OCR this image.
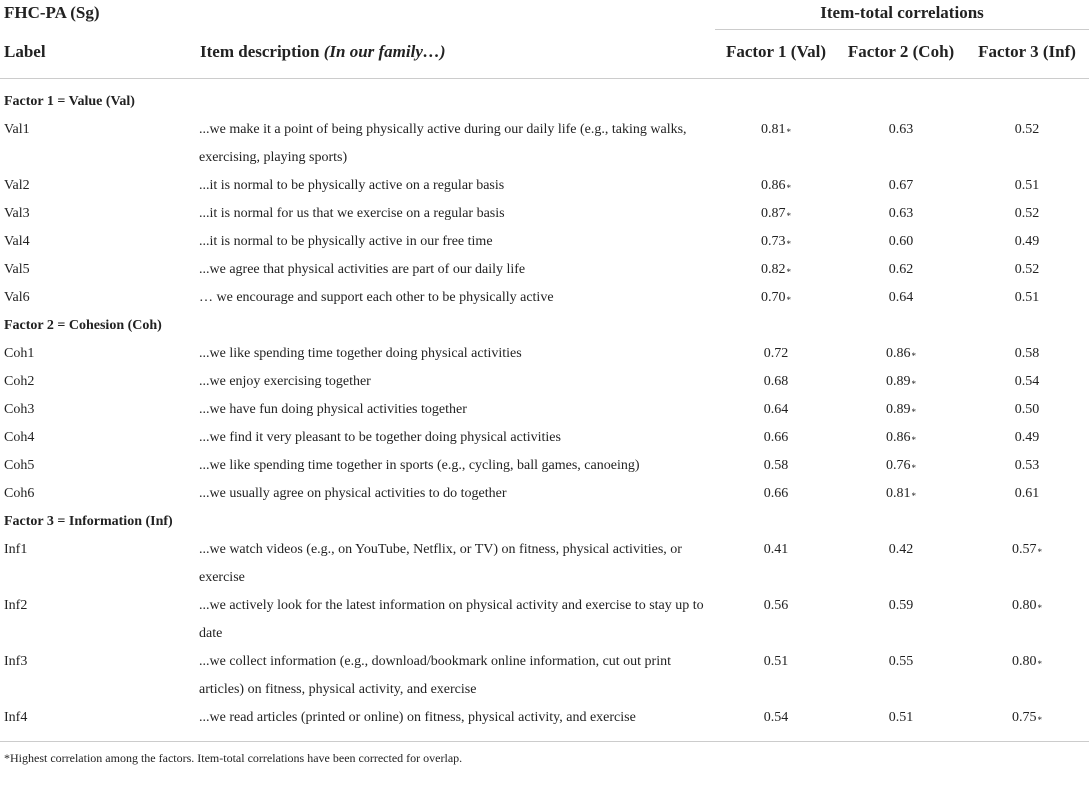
FHC-PA (Sg)		Item-total correlations		
Label	Item description (In our family…)	Factor 1 (Val)	Factor 2 (Coh)	Factor 3 (Inf)
Factor 1 = Value (Val)				
Val1	...we make it a point of being physically active during our daily life (e.g., taking walks, exercising, playing sports)	0.81*	0.63	0.52
Val2	...it is normal to be physically active on a regular basis	0.86*	0.67	0.51
Val3	...it is normal for us that we exercise on a regular basis	0.87*	0.63	0.52
Val4	...it is normal to be physically active in our free time	0.73*	0.60	0.49
Val5	...we agree that physical activities are part of our daily life	0.82*	0.62	0.52
Val6	… we encourage and support each other to be physically active	0.70*	0.64	0.51
Factor 2 = Cohesion (Coh)				
Coh1	...we like spending time together doing physical activities	0.72	0.86*	0.58
Coh2	...we enjoy exercising together	0.68	0.89*	0.54
Coh3	...we have fun doing physical activities together	0.64	0.89*	0.50
Coh4	...we find it very pleasant to be together doing physical activities	0.66	0.86*	0.49
Coh5	...we like spending time together in sports (e.g., cycling, ball games, canoeing)	0.58	0.76*	0.53
Coh6	...we usually agree on physical activities to do together	0.66	0.81*	0.61
Factor 3 = Information (Inf)				
Inf1	...we watch videos (e.g., on YouTube, Netflix, or TV) on fitness, physical activities, or exercise	0.41	0.42	0.57*
Inf2	...we actively look for the latest information on physical activity and exercise to stay up to date	0.56	0.59	0.80*
Inf3	...we collect information (e.g., download/bookmark online information, cut out print articles) on fitness, physical activity, and exercise	0.51	0.55	0.80*
Inf4	...we read articles (printed or online) on fitness, physical activity, and exercise	0.54	0.51	0.75*
*Highest correlation among the factors. Item-total correlations have been corrected for overlap.				
